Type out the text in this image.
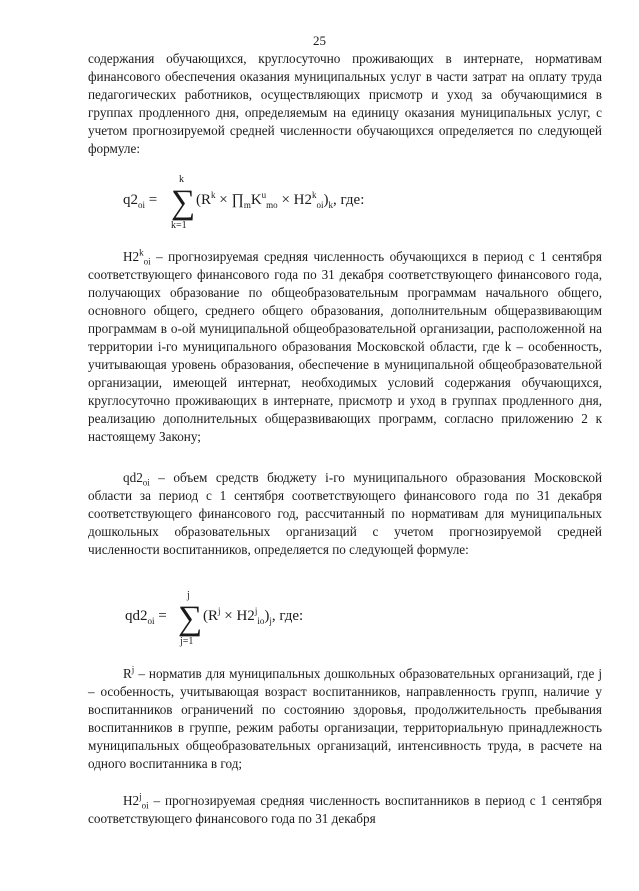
25

содержания обучающихся, круглосуточно проживающих в интернате, нормативам финансового обеспечения оказания муниципальных услуг в части затрат на оплату труда педагогических работников, осуществляющих присмотр и уход за обучающимися в группах продленного дня, определяемым на единицу оказания муниципальных услуг, с учетом прогнозируемой средней численности обучающихся определяется по следующей формуле:

$q2_{oi}$ =
k
∑
k=1
($R^k$ × $\prod_mK^u_{mo} \times H2^k_{oi})_k$, где:

$H2^k_{oi}$ – прогнозируемая средняя численность обучающихся в период с 1 сентября соответствующего финансового года по 31 декабря соответствующего финансового года, получающих образование по общеобразовательным программам начального общего, основного общего, среднего общего образования, дополнительным общеразвивающим программам в о-ой муниципальной общеобразовательной организации, расположенной на территории i-го муниципального образования Московской области, где k – особенность, учитывающая уровень образования, обеспечение в муниципальной общеобразовательной организации, имеющей интернат, необходимых условий содержания обучающихся, круглосуточно проживающих в интернате, присмотр и уход в группах продленного дня, реализацию дополнительных общеразвивающих программ, согласно приложению 2 к настоящему Закону;

$qd2_{oi}$ – объем средств бюджету i-го муниципального образования Московской области за период с 1 сентября соответствующего финансового года по 31 декабря соответствующего финансового год, рассчитанный по нормативам для муниципальных дошкольных образовательных организаций с учетом прогнозируемой средней численности воспитанников, определяется по следующей формуле:

$qd2_{oi}$ =
j
∑
j=1
$(R^j \times H2^j_{io})_j$, где:

$R^j$ – норматив для муниципальных дошкольных образовательных организаций, где j – особенность, учитывающая возраст воспитанников, направленность групп, наличие у воспитанников ограничений по состоянию здоровья, продолжительность пребывания воспитанников в группе, режим работы организации, территориальную принадлежность муниципальных общеобразовательных организаций, интенсивность труда, в расчете на одного воспитанника в год;

$H2^j_{oi}$ – прогнозируемая средняя численность воспитанников в период с 1 сентября соответствующего финансового года по 31 декабря
